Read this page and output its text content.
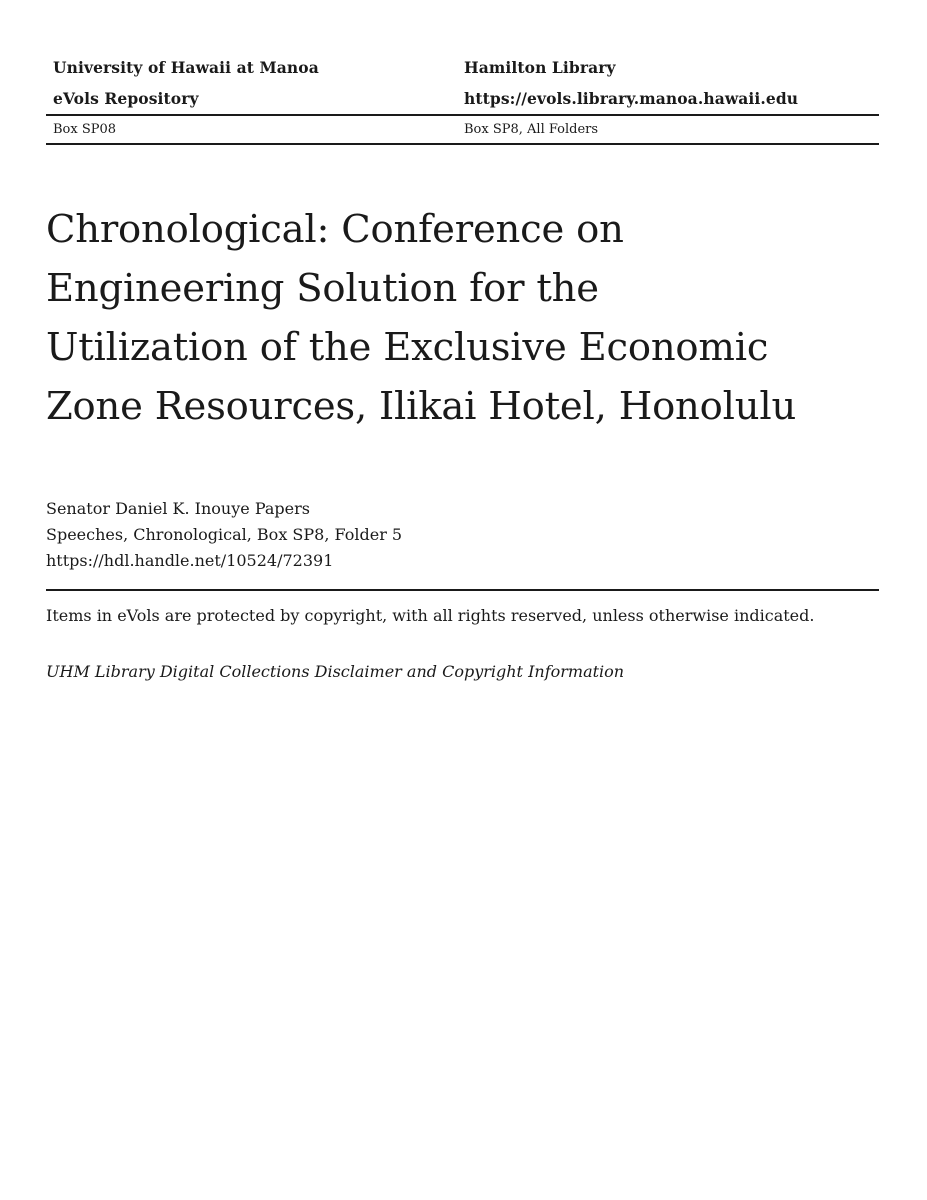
University of Hawaii at Manoa	Hamilton Library
eVols Repository	https://evols.library.manoa.hawaii.edu
Box SP08	Box SP8, All Folders
Chronological: Conference on
Engineering Solution for the
Utilization of the Exclusive Economic
Zone Resources, Ilikai Hotel, Honolulu
Senator Daniel K. Inouye Papers
Speeches, Chronological, Box SP8, Folder 5
https://hdl.handle.net/10524/72391
Items in eVols are protected by copyright, with all rights reserved, unless otherwise indicated.
UHM Library Digital Collections Disclaimer and Copyright Information
